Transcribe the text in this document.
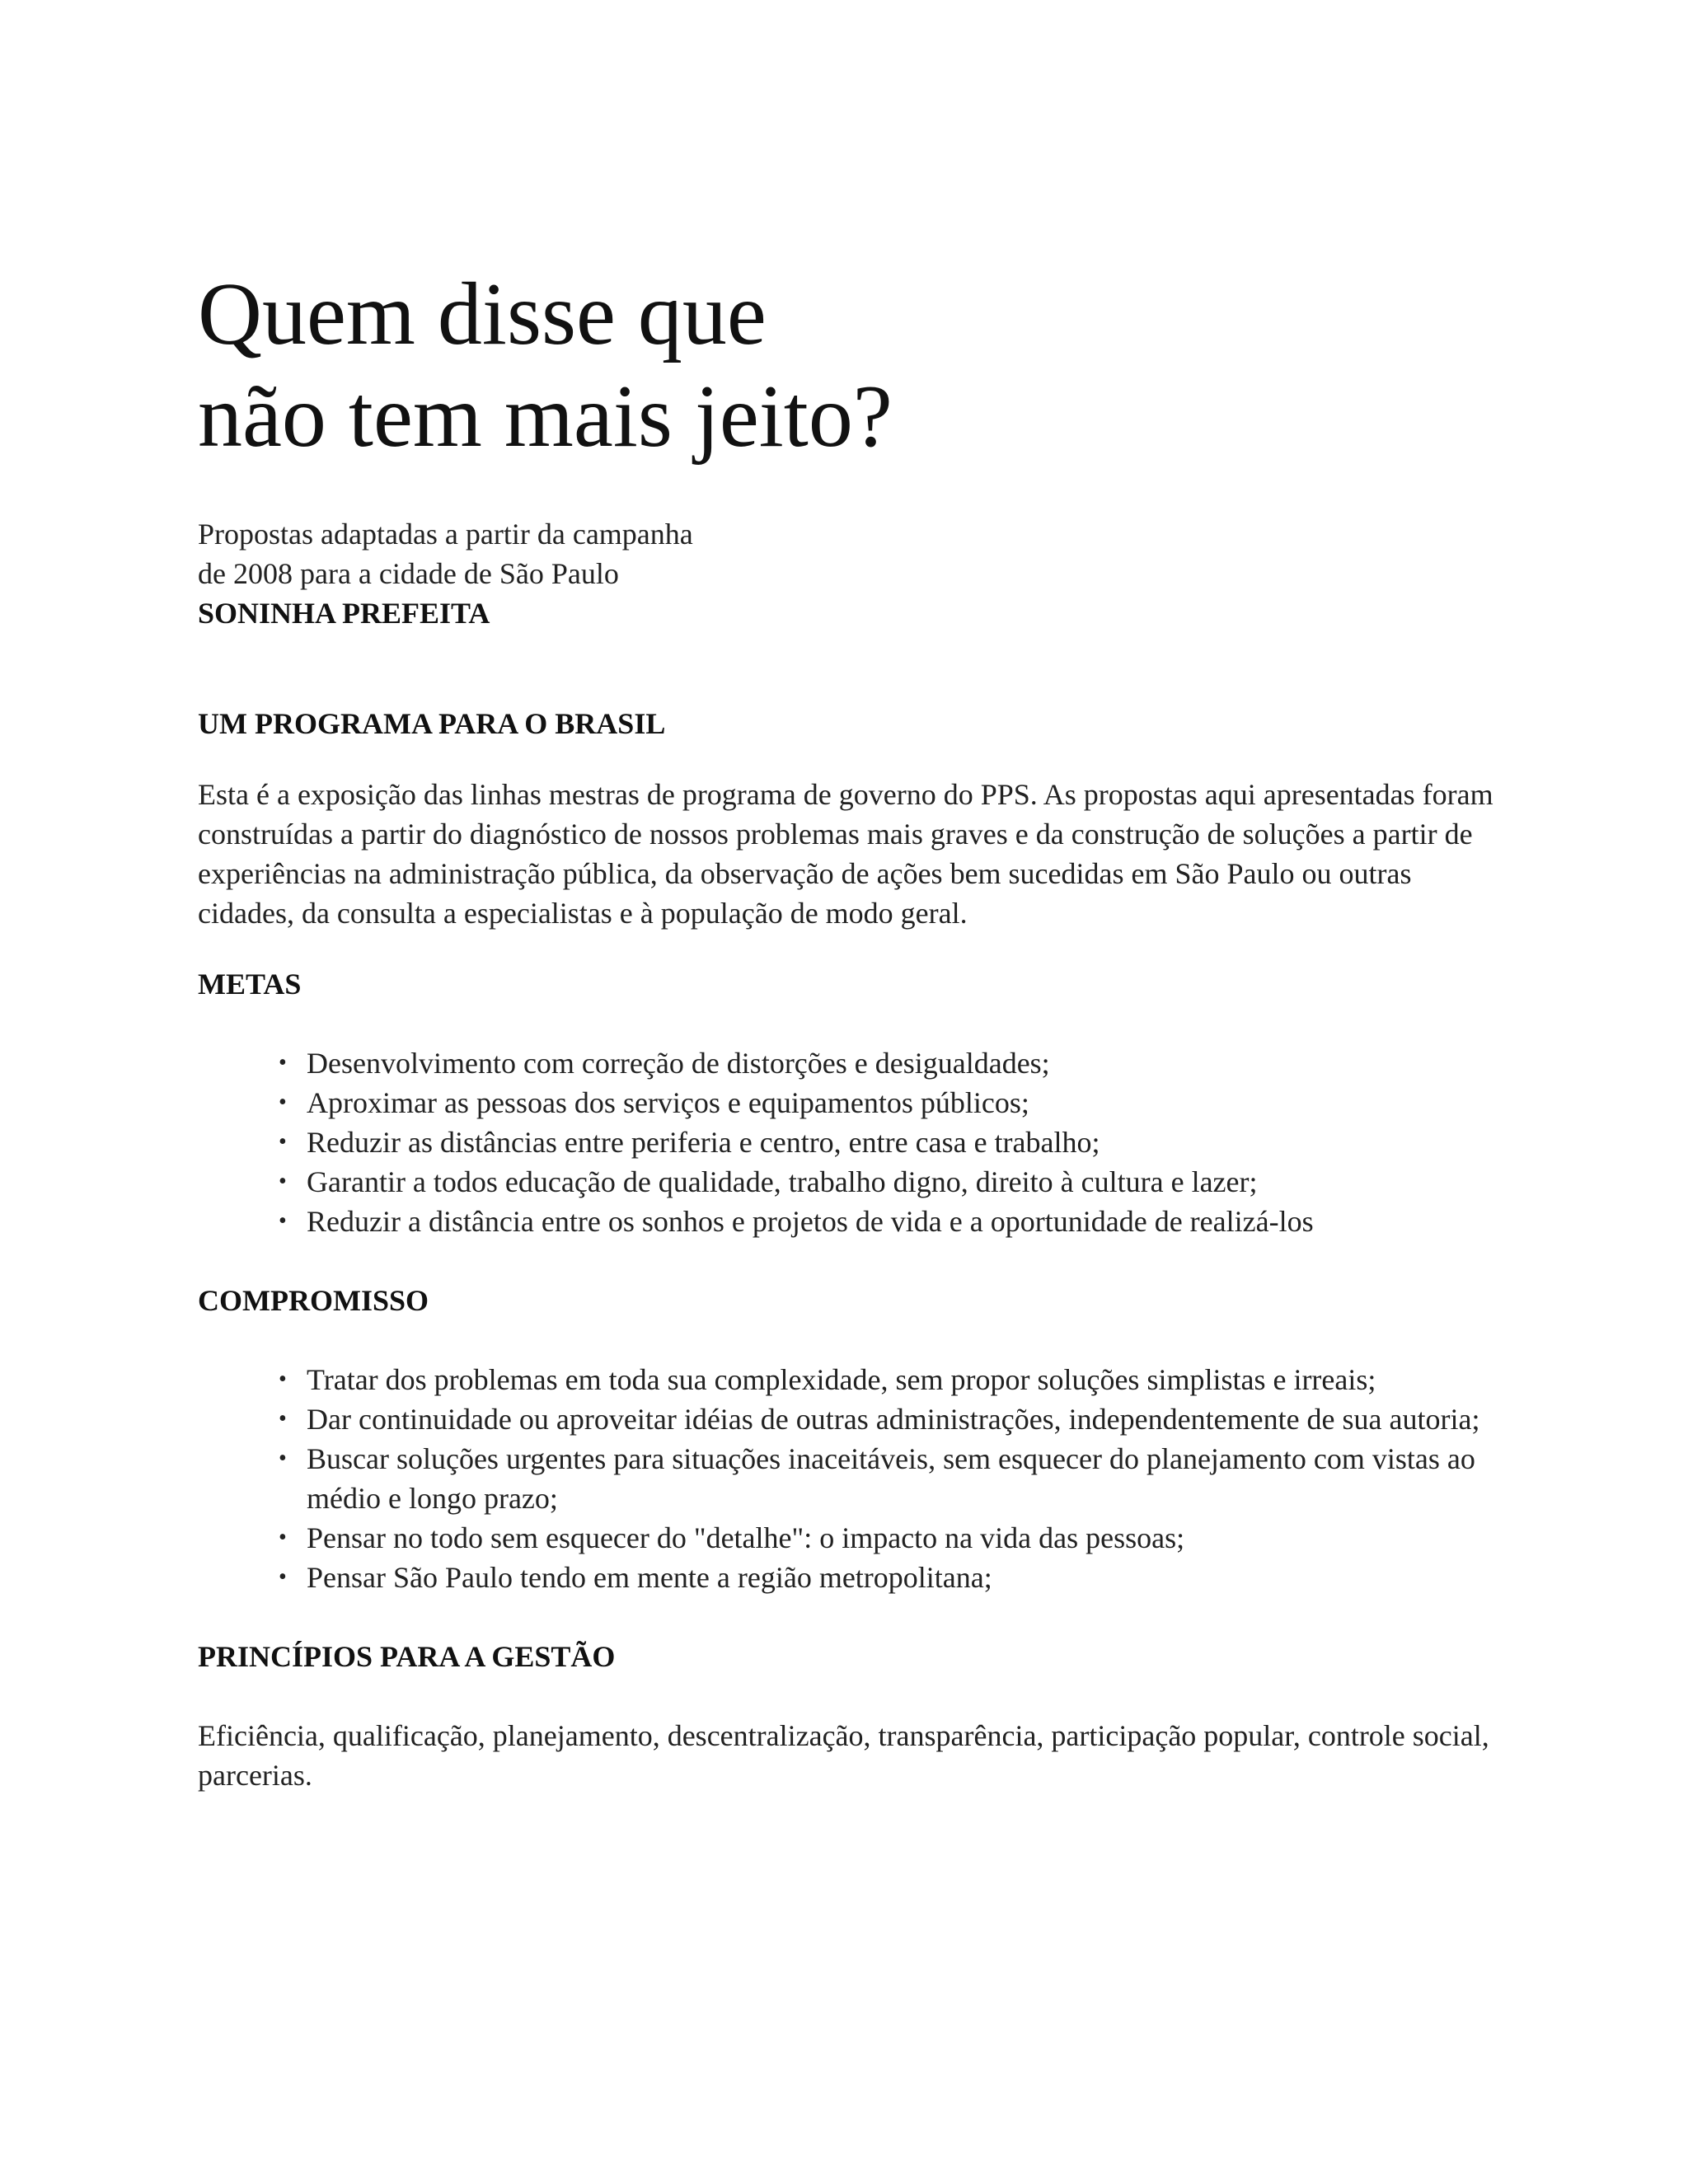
Quem disse que
não tem mais jeito?
Propostas adaptadas a partir da campanha
de 2008 para a cidade de São Paulo
SONINHA PREFEITA
UM PROGRAMA PARA O BRASIL

Esta é a exposição das linhas mestras de programa de governo do PPS. As propostas aqui apresentadas foram construídas a partir do diagnóstico de nossos problemas mais graves e da construção de soluções a partir de experiências na administração pública, da observação de ações bem sucedidas em São Paulo ou outras cidades, da consulta a especialistas e à população de modo geral.

METAS
• Desenvolvimento com correção de distorções e desigualdades;
• Aproximar as pessoas dos serviços e equipamentos públicos;
• Reduzir as distâncias entre periferia e centro, entre casa e trabalho;
• Garantir a todos educação de qualidade, trabalho digno, direito à cultura e lazer;
• Reduzir a distância entre os sonhos e projetos de vida e a oportunidade de realizá-los
COMPROMISSO
• Tratar dos problemas em toda sua complexidade, sem propor soluções simplistas e irreais;
• Dar continuidade ou aproveitar idéias de outras administrações, independentemente de sua autoria;
• Buscar soluções urgentes para situações inaceitáveis, sem esquecer do planejamento com vistas ao médio e longo prazo;
• Pensar no todo sem esquecer do "detalhe": o impacto na vida das pessoas;
• Pensar São Paulo tendo em mente a região metropolitana;
PRINCÍPIOS PARA A GESTÃO

Eficiência, qualificação, planejamento, descentralização, transparência, participação popular, controle social, parcerias.
